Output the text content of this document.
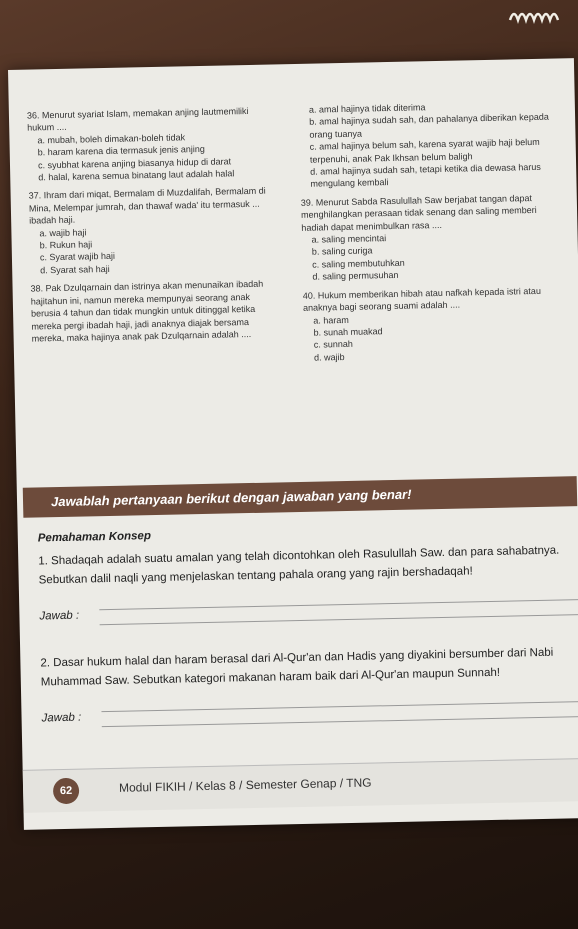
36. Menurut syariat Islam, memakan anjing lautmemiliki hukum ....
a. mubah, boleh dimakan-boleh tidak
b. haram karena dia termasuk jenis anjing
c. syubhat karena anjing biasanya hidup di darat
d. halal, karena semua binatang laut adalah halal
37. Ihram dari miqat, Bermalam di Muzdalifah, Bermalam di Mina, Melempar jumrah, dan thawaf wada' itu termasuk ... ibadah haji.
a. wajib haji
b. Rukun haji
c. Syarat wajib haji
d. Syarat sah haji
38. Pak Dzulqarnain dan istrinya akan menunaikan ibadah hajitahun ini, namun mereka mempunyai seorang anak berusia 4 tahun dan tidak mungkin untuk ditinggal ketika mereka pergi ibadah haji, jadi anaknya diajak bersama mereka, maka hajinya anak pak Dzulqarnain adalah ....
a. amal hajinya tidak diterima
b. amal hajinya sudah sah, dan pahalanya diberikan kepada orang tuanya
c. amal hajinya belum sah, karena syarat wajib haji belum terpenuhi, anak Pak Ikhsan belum baligh
d. amal hajinya sudah sah, tetapi ketika dia dewasa harus mengulang kembali
39. Menurut Sabda Rasulullah Saw berjabat tangan dapat menghilangkan perasaan tidak senang dan saling memberi hadiah dapat menimbulkan rasa ....
a. saling mencintai
b. saling curiga
c. saling membutuhkan
d. saling permusuhan
40. Hukum memberikan hibah atau nafkah kepada istri atau anaknya bagi seorang suami adalah ....
a. haram
b. sunah muakad
c. sunnah
d. wajib
Jawablah pertanyaan berikut dengan jawaban yang benar!
Pemahaman Konsep
1. Shadaqah adalah suatu amalan yang telah dicontohkan oleh Rasulullah Saw. dan para sahabatnya. Sebutkan dalil naqli yang menjelaskan tentang pahala orang yang rajin bershadaqah!
Jawab :
2. Dasar hukum halal dan haram berasal dari Al-Qur'an dan Hadis yang diyakini bersumber dari Nabi Muhammad Saw. Sebutkan kategori makanan haram baik dari Al-Qur'an maupun Sunnah!
Jawab :
62	Modul FIKIH / Kelas 8 / Semester Genap / TNG
